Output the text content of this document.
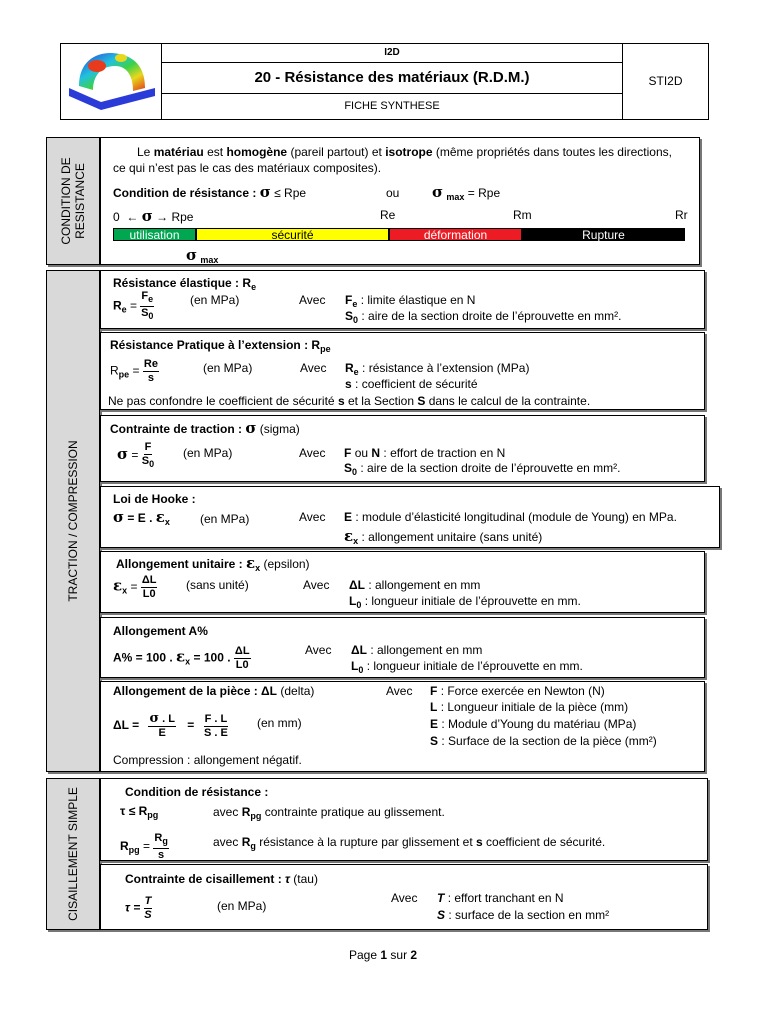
I2D
20 - Résistance des matériaux (R.D.M.)
FICHE SYNTHESE
STI2D
CONDITION DE RESISTANCE
TRACTION / COMPRESSION
CISAILLEMENT SIMPLE
Le matériau est homogène (pareil partout) et isotrope (même propriétés dans toutes les directions,
ce qui n’est pas le cas des matériaux composites).
Condition de résistance : σ ≤ Rpe	ou σ $_{max}$ = Rpe
0 ← σ → Rpe	Re	Rm	Rr
utilisation	sécurité	déformation	Rupture
σ $_{max}$
Résistance élastique : $R_e$
$R_e = \frac{F_e}{S_0}$	(en MPa)	Avec $F_e$ : limite élastique en N
$S_0$ : aire de la section droite de l’éprouvette en mm².
Résistance Pratique à l’extension : $R_{pe}$
$R_{pe} = \frac{Re}{s}$	(en MPa)	Avec $R_e$ : résistance à l’extension (MPa)
s : coefficient de sécurité
Ne pas confondre le coefficient de sécurité s et la Section S dans le calcul de la contrainte.
Contrainte de traction : σ (sigma)
$\sigma = \frac{F}{S_0} (en$ MPa)	Avec F ou N : effort de traction en N
$S_0$ : aire de la section droite de l’éprouvette en mm².
Loi de Hooke :
σ = E . $\varepsilon_x$	(en MPa)	Avec E : module d’élasticité longitudinal (module de Young) en MPa.
$\varepsilon_x$ : allongement unitaire (sans unité)
Allongement unitaire : $\varepsilon_x$ (epsilon)
$\varepsilon_x = \frac{\Delta L}{L0}$ (sans unité)	Avec ΔL : allongement en mm
$L_0$ : longueur initiale de l’éprouvette en mm.
Allongement A%
A% = 100 . $\varepsilon_x = 100$ . $\frac{\Delta L}{L0}$	Avec ΔL : allongement en mm
$L_0$ : longueur initiale de l’éprouvette en mm.
Allongement de la pièce : ΔL (delta)	Avec
$\Delta L = \frac{\sigma . L}{E} = \frac{F . L}{S . E} (en$ mm)
F : Force exercée en Newton (N)
L : Longueur initiale de la pièce (mm)
E : Module d’Young du matériau (MPa)
S : Surface de la section de la pièce (mm²)
Compression : allongement négatif.
Condition de résistance :
$\tau \le R_{pg}$	avec $R_{pg}$ contrainte pratique au glissement.
$R_{pg} = \frac{R_g}{s}$	avec $R_g$ résistance à la rupture par glissement et s coefficient de sécurité.
Contrainte de cisaillement : τ (tau)
$\tau = \frac{T}{S}$	(en MPa)
Avec T : effort tranchant en N
S : surface de la section en mm²
Page 1 sur 2
